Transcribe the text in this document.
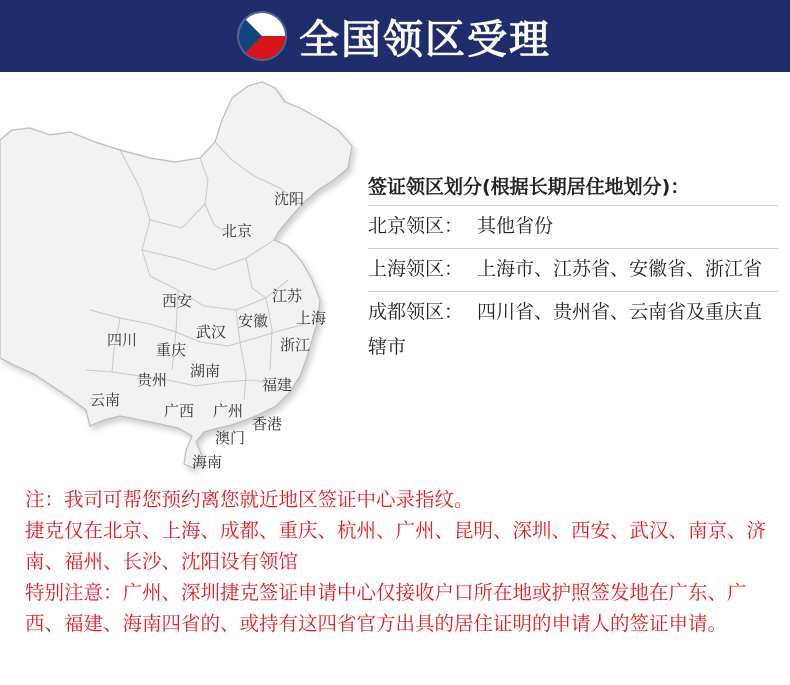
全国领区受理
沈阳
北京
西安	江苏
安徽 上海
四川	武汉
重庆	浙江
湖南
贵州	福建
云南
广西 广州
香港
澳门
海南
签证领区划分(根据长期居住地划分)：
北京领区： 其他省份
上海领区： 上海市、江苏省、安徽省、浙江省
成都领区： 四川省、贵州省、云南省及重庆直辖市

注：我司可帮您预约离您就近地区签证中心录指纹。

捷克仅在北京、上海、成都、重庆、杭州、广州、昆明、深圳、西安、武汉、南京、济南、福州、长沙、沈阳设有领馆

特别注意：广州、深圳捷克签证申请中心仅接收户口所在地或护照签发地在广东、广西、福建、海南四省的、或持有这四省官方出具的居住证明的申请人的签证申请。
